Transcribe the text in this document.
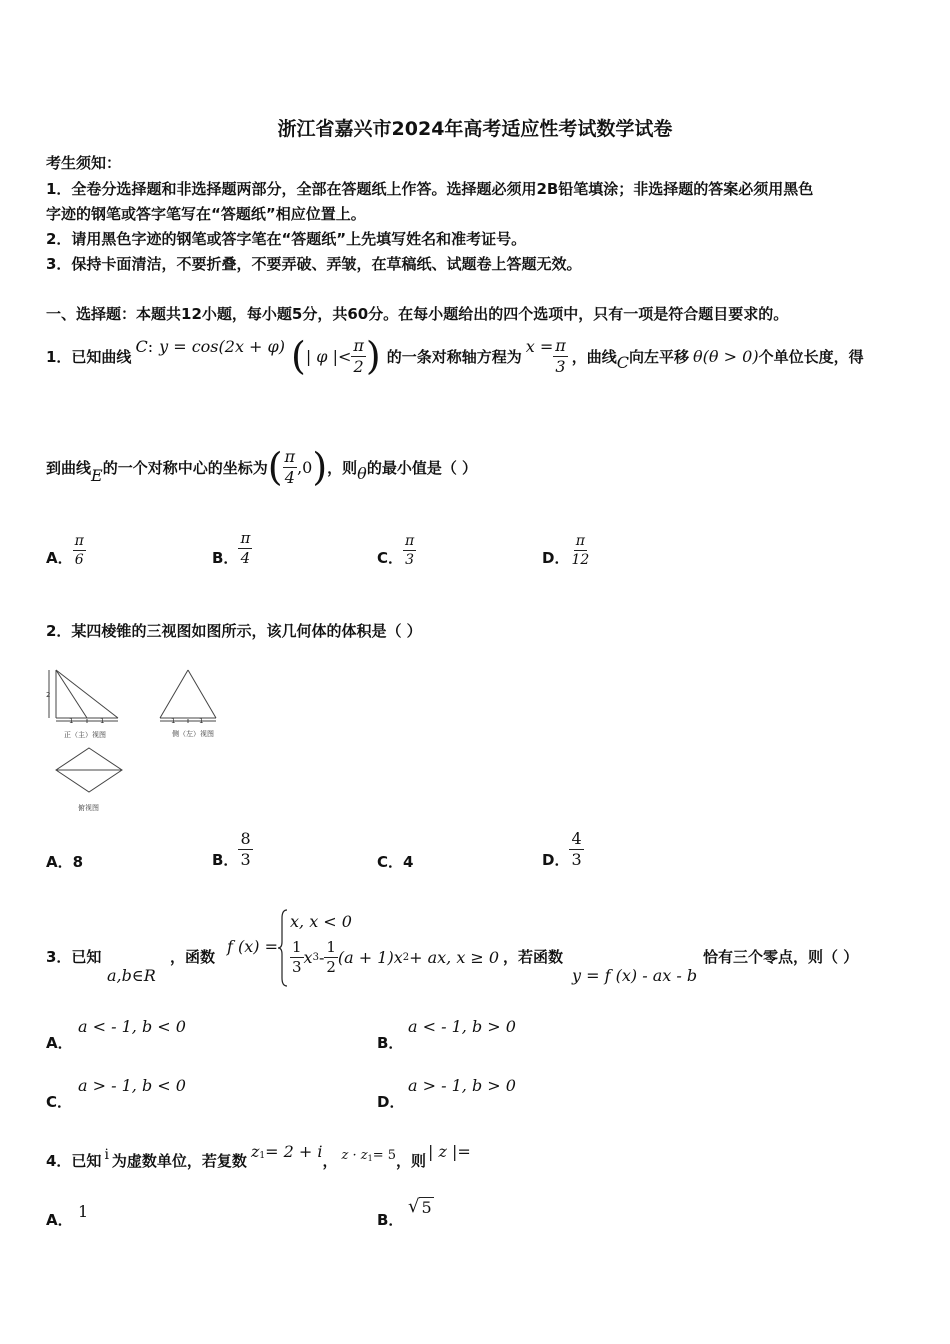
浙江省嘉兴市2024年高考适应性考试数学试卷
考生须知：
1．全卷分选择题和非选择题两部分，全部在答题纸上作答。选择题必须用2B铅笔填涂；非选择题的答案必须用黑色
字迹的钢笔或答字笔写在“答题纸”相应位置上。
2．请用黑色字迹的钢笔或答字笔在“答题纸”上先填写姓名和准考证号。
3．保持卡面清洁，不要折叠，不要弄破、弄皱，在草稿纸、试题卷上答题无效。
一、选择题：本题共12小题，每小题5分，共60分。在每小题给出的四个选项中，只有一项是符合题目要求的。
1．已知曲线
C : y = cos(2x + φ) ( | φ |< $\frac{\pi}{2}$ ) 的一条对称轴方程为
$x = \frac{\pi}{3}$ ，曲线 C 向左平移 θ(θ > 0) 个单位长度，得
到曲线 E 的一个对称中心的坐标为 ( $\frac{\pi}{4} ,0$ ) ，则 θ 的最小值是（ ）
A． $\frac{\pi}{6}$	B． $\frac{\pi}{4}$	C． $\frac{\pi}{3}$	D． $\frac{\pi}{12}$
2．某四棱锥的三视图如图所示，该几何体的体积是（ ）
2
1	1
正（主）视图
1	1
侧（左）视图
俯视图
A． 8	B． $\frac{8}{3}$	C． 4	D． $\frac{4}{3}$
3．已知
a,b∈R
，函数
f (x) =
x, x < 0
$\frac{1}{3}$ x $3 - \frac{1}{2} (a + 1)x$ 2 + ax, x ≥ 0 ，若函数
y = f (x) - ax - b
恰有三个零点，则（ ）
A．
a < - 1, b < 0
B．
a < - 1, b > 0
C．
a > - 1, b < 0
D．
a > - 1, b > 0
4．已知 i 为虚数单位，若复数 $z_1 = 2 + i$ ， $z \cdot z_1 = 5$ ，则 | z |=
A． 1	B．
√ 5
